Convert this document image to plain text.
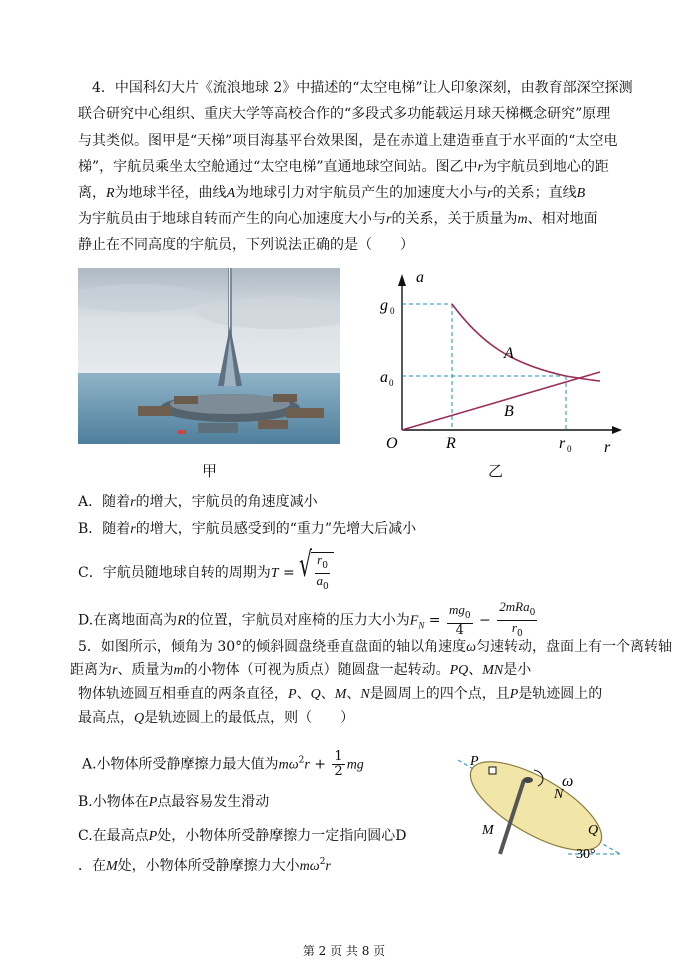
4．中国科幻大片《流浪地球 2》中描述的“太空电梯”让人印象深刻，由教育部深空探测
联合研究中心组织、重庆大学等高校合作的“多段式多功能载运月球天梯概念研究”原理
与其类似。图甲是“天梯”项目海基平台效果图，是在赤道上建造垂直于水平面的“太空电
梯”，宇航员乘坐太空舱通过“太空电梯”直通地球空间站。图乙中r为宇航员到地心的距
离，R为地球半径，曲线A为地球引力对宇航员产生的加速度大小与r的关系；直线B
为宇航员由于地球自转而产生的向心加速度大小与r的关系，关于质量为m、相对地面
静止在不同高度的宇航员，下列说法正确的是（　　）
甲
a
r
O
g 0
a 0
R	r 0
A
B
乙
A．随着r的增大，宇航员的角速度减小
B．随着r的增大，宇航员感受到的“重力”先增大后减小
C．宇航员随地球自转的周期为T = √ $\frac{r_0}{a_0}$
D.在离地面高为R的位置，宇航员对座椅的压力大小为$F_N = \frac{mg_0}{4} - \frac{2mRa_0}{r_0}$
5．如图所示，倾角为 30°的倾斜圆盘绕垂直盘面的轴以角速度ω匀速转动，盘面上有一个离转轴
距离为r、质量为m的小物体（可视为质点）随圆盘一起转动。PQ、MN是小
物体轨迹圆互相垂直的两条直径，P、Q、M、N是圆周上的四个点，且P是轨迹圆上的
最高点，Q是轨迹圆上的最低点，则（　　）
A.小物体所受静摩擦力最大值为$m\omega^2r + \frac{1}{2}$ mg
B.小物体在P点最容易发生滑动
C.在最高点P处，小物体所受静摩擦力一定指向圆心D
．在M处，小物体所受静摩擦力大小$m\omega^2r$
P
Q
M
N
ω
30°
第 2 页 共 8 页
